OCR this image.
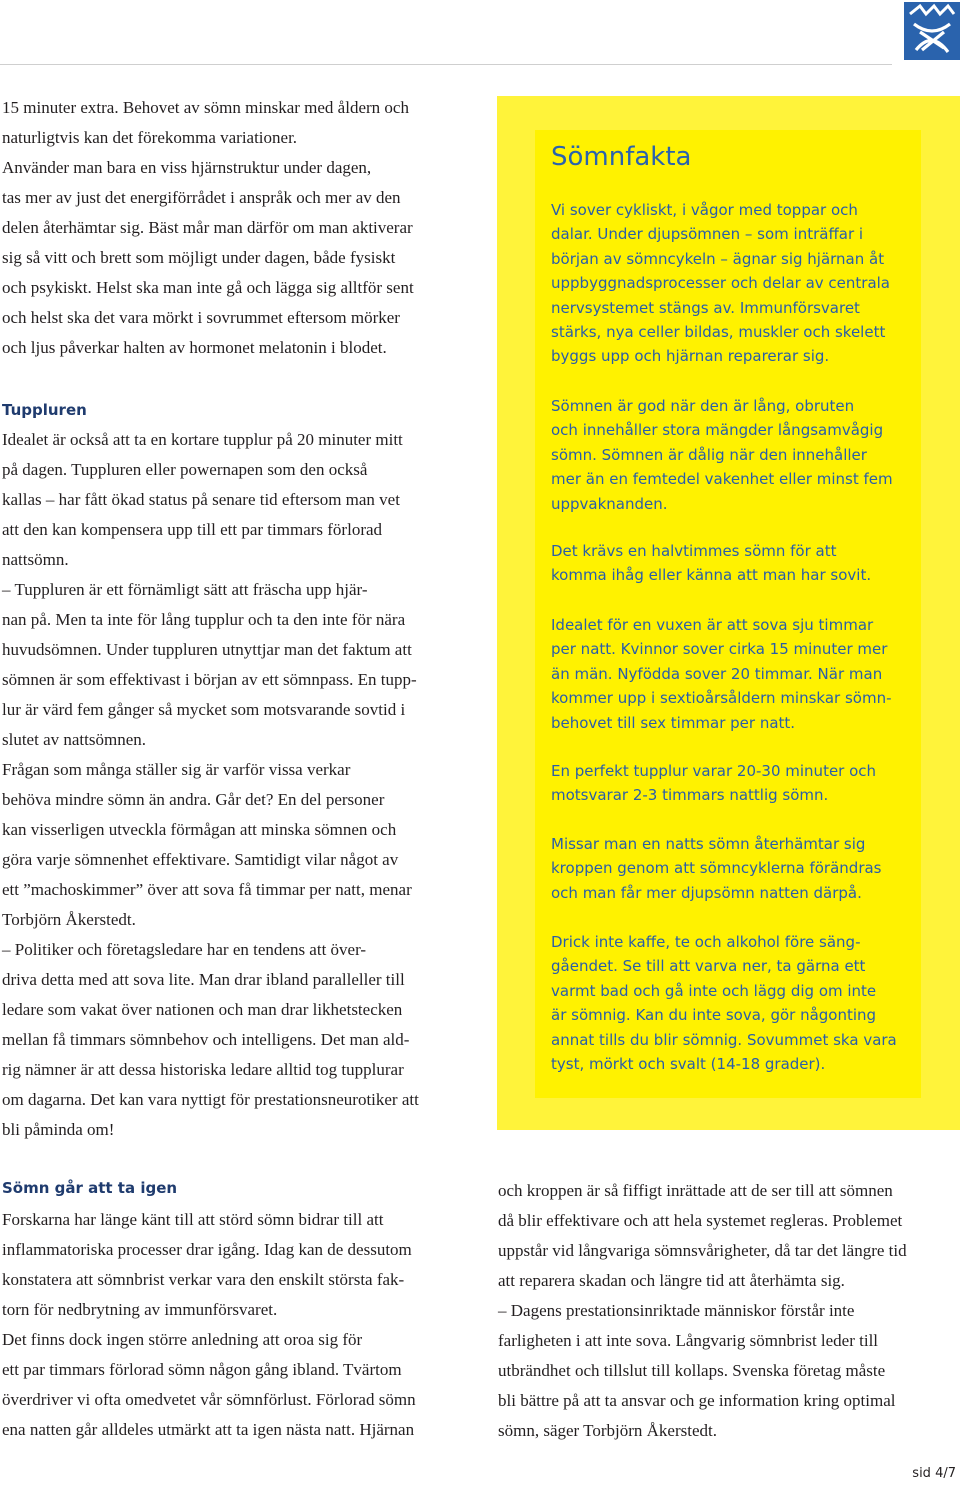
15 minuter extra. Behovet av sömn minskar med åldern och
naturligtvis kan det förekomma variationer.
Använder man bara en viss hjärnstruktur under dagen,
tas mer av just det energiförrådet i anspråk och mer av den
delen återhämtar sig. Bäst mår man därför om man aktiverar
sig så vitt och brett som möjligt under dagen, både fysiskt
och psykiskt. Helst ska man inte gå och lägga sig alltför sent
och helst ska det vara mörkt i sovrummet eftersom mörker
och ljus påverkar halten av hormonet melatonin i blodet.
Tuppluren
Idealet är också att ta en kortare tupplur på 20 minuter mitt
på dagen. Tuppluren eller powernapen som den också
kallas – har fått ökad status på senare tid eftersom man vet
att den kan kompensera upp till ett par timmars förlorad
nattsömn.
– Tuppluren är ett förnämligt sätt att fräscha upp hjär-
nan på. Men ta inte för lång tupplur och ta den inte för nära
huvudsömnen. Under tuppluren utnyttjar man det faktum att
sömnen är som effektivast i början av ett sömnpass. En tupp-
lur är värd fem gånger så mycket som motsvarande sovtid i
slutet av nattsömnen.
Frågan som många ställer sig är varför vissa verkar
behöva mindre sömn än andra. Går det? En del personer
kan visserligen utveckla förmågan att minska sömnen och
göra varje sömnenhet effektivare. Samtidigt vilar något av
ett ”machoskimmer” över att sova få timmar per natt, menar
Torbjörn Åkerstedt.
– Politiker och företagsledare har en tendens att över-
driva detta med att sova lite. Man drar ibland paralleller till
ledare som vakat över nationen och man drar likhetstecken
mellan få timmars sömnbehov och intelligens. Det man ald-
rig nämner är att dessa historiska ledare alltid tog tupplurar
om dagarna. Det kan vara nyttigt för prestationsneurotiker att
bli påminda om!
Sömn går att ta igen
Forskarna har länge känt till att störd sömn bidrar till att
inflammatoriska processer drar igång. Idag kan de dessutom
konstatera att sömnbrist verkar vara den enskilt största fak-
torn för nedbrytning av immunförsvaret.
Det finns dock ingen större anledning att oroa sig för
ett par timmars förlorad sömn någon gång ibland. Tvärtom
överdriver vi ofta omedvetet vår sömnförlust. Förlorad sömn
ena natten går alldeles utmärkt att ta igen nästa natt. Hjärnan
Sömnfakta
Vi sover cykliskt, i vågor med toppar och
dalar. Under djupsömnen – som inträffar i
början av sömncykeln – ägnar sig hjärnan åt
uppbyggnadsprocesser och delar av centrala
nervsystemet stängs av. Immunförsvaret
stärks, nya celler bildas, muskler och skelett
byggs upp och hjärnan reparerar sig.
Sömnen är god när den är lång, obruten
och innehåller stora mängder långsamvågig
sömn. Sömnen är dålig när den innehåller
mer än en femtedel vakenhet eller minst fem
uppvaknanden.
Det krävs en halvtimmes sömn för att
komma ihåg eller känna att man har sovit.
Idealet för en vuxen är att sova sju timmar
per natt. Kvinnor sover cirka 15 minuter mer
än män. Nyfödda sover 20 timmar. När man
kommer upp i sextioårsåldern minskar sömn-
behovet till sex timmar per natt.
En perfekt tupplur varar 20-30 minuter och
motsvarar 2-3 timmars nattlig sömn.
Missar man en natts sömn återhämtar sig
kroppen genom att sömncyklerna förändras
och man får mer djupsömn natten därpå.
Drick inte kaffe, te och alkohol före säng-
gåendet. Se till att varva ner, ta gärna ett
varmt bad och gå inte och lägg dig om inte
är sömnig. Kan du inte sova, gör någonting
annat tills du blir sömnig. Sovummet ska vara
tyst, mörkt och svalt (14-18 grader).
och kroppen är så fiffigt inrättade att de ser till att sömnen
då blir effektivare och att hela systemet regleras. Problemet
uppstår vid långvariga sömnsvårigheter, då tar det längre tid
att reparera skadan och längre tid att återhämta sig.
– Dagens prestationsinriktade människor förstår inte
farligheten i att inte sova. Långvarig sömnbrist leder till
utbrändhet och tillslut till kollaps. Svenska företag måste
bli bättre på att ta ansvar och ge information kring optimal
sömn, säger Torbjörn Åkerstedt.
sid 4/7
